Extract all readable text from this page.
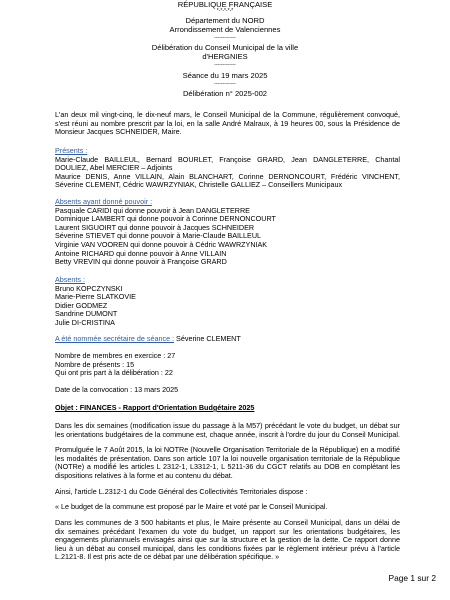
RÉPUBLIQUE FRANÇAISE
*-*-*-*-*
Département du NORD
Arrondissement de Valenciennes
-------------
Délibération du Conseil Municipal de la ville
d'HERGNIES
-------------
Séance du 19 mars 2025
-------------
Délibération n° 2025-002
L'an deux mil vingt-cinq, le dix-neuf mars, le Conseil Municipal de la Commune, régulièrement convoqué, s'est réuni au nombre prescrit par la loi, en la salle André Malraux, à 19 heures 00, sous la Présidence de Monsieur Jacques SCHNEIDER, Maire.

Présents :

Marie-Claude BAILLEUL, Bernard BOURLET, Françoise GRARD, Jean DANGLETERRE, Chantal DOULIEZ, Abel MERCIER – Adjoints

Maurice DENIS, Anne VILLAIN, Alain BLANCHART, Corinne DERNONCOURT, Frédéric VINCHENT, Séverine CLEMENT, Cédric WAWRZYNIAK, Christelle GALLIEZ – Conseillers Municipaux

Absents ayant donné pouvoir :

Pasquale CARIDI qui donne pouvoir à Jean DANGLETERRE

Dominique LAMBERT qui donne pouvoir à Corinne DERNONCOURT

Laurent SIGUOIRT qui donne pouvoir à Jacques SCHNEIDER

Séverine STIEVET qui donne pouvoir à Marie-Claude BAILLEUL

Virginie VAN VOOREN qui donne pouvoir à Cédric WAWRZYNIAK

Antoine RICHARD qui donne pouvoir à Anne VILLAIN

Betty VREVIN qui donne pouvoir à Françoise GRARD

Absents :

Bruno KOPCZYNSKI

Marie-Pierre SLATKOVIE

Didier GODMEZ

Sandrine DUMONT

Julie DI-CRISTINA

A été nommée secrétaire de séance : Séverine CLEMENT

Nombre de membres en exercice : 27

Nombre de présents : 15

Qui ont pris part à la délibération : 22

Date de la convocation : 13 mars 2025
Objet : FINANCES - Rapport d'Orientation Budgétaire 2025
Dans les dix semaines (modification issue du passage à la M57) précédant le vote du budget, un débat sur les orientations budgétaires de la commune est, chaque année, inscrit à l'ordre du jour du Conseil Municipal.
Promulguée le 7 Août 2015, la loi NOTRe (Nouvelle Organisation Territoriale de la République) en a modifié les modalités de présentation. Dans son article 107 la loi nouvelle organisation territoriale de la République (NOTRe) a modifié les articles L 2312-1, L3312-1, L 5211-36 du CGCT relatifs au DOB en complétant les dispositions relatives à la forme et au contenu du débat.
Ainsi, l'article L.2312-1 du Code Général des Collectivités Territoriales dispose :
« Le budget de la commune est proposé par le Maire et voté par le Conseil Municipal.
Dans les communes de 3 500 habitants et plus, le Maire présente au Conseil Municipal, dans un délai de dix semaines précédant l'examen du vote du budget, un rapport sur les orientations budgétaires, les engagements pluriannuels envisagés ainsi que sur la structure et la gestion de la dette. Ce rapport donne lieu à un débat au conseil municipal, dans les conditions fixées par le règlement intérieur prévu à l'article L.2121-8. Il est pris acte de ce débat par une délibération spécifique. »
Page 1 sur 2
